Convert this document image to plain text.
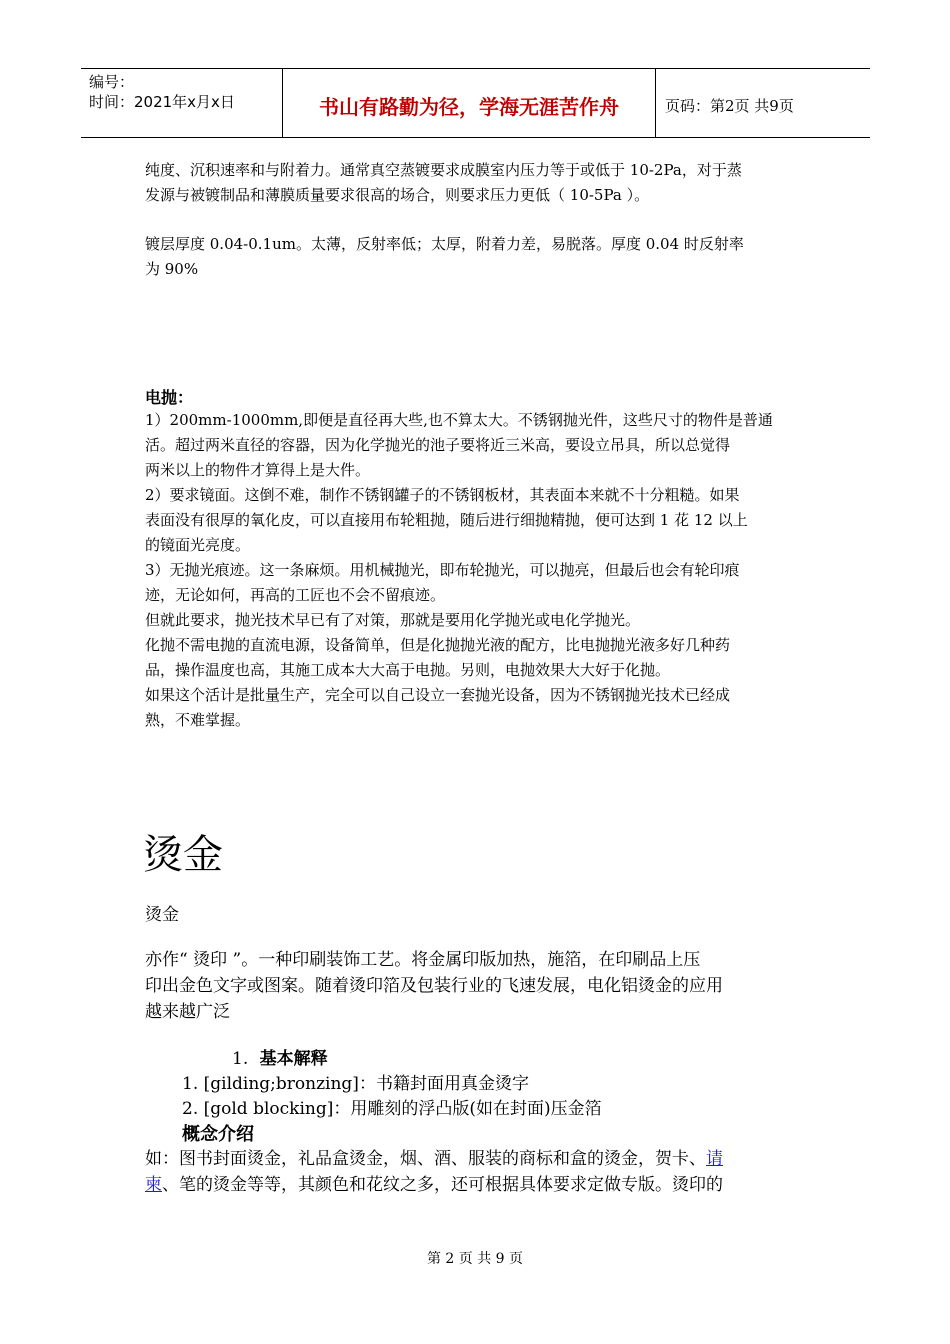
编号：
时间：2021年x月x日	书山有路勤为径，学海无涯苦作舟	页码：第2页 共9页
纯度、沉积速率和与附着力。通常真空蒸镀要求成膜室内压力等于或低于 10-2Pa，对于蒸
发源与被镀制品和薄膜质量要求很高的场合，则要求压力更低（ 10-5Pa ）。
镀层厚度 0.04-0.1um。太薄，反射率低；太厚，附着力差，易脱落。厚度 0.04 时反射率
为 90%
电抛：
1）200mm-1000mm,即便是直径再大些,也不算太大。不锈钢抛光件，这些尺寸的物件是普通
活。超过两米直径的容器，因为化学抛光的池子要将近三米高，要设立吊具，所以总觉得
两米以上的物件才算得上是大件。
2）要求镜面。这倒不难，制作不锈钢罐子的不锈钢板材，其表面本来就不十分粗糙。如果
表面没有很厚的氧化皮，可以直接用布轮粗抛，随后进行细抛精抛，便可达到 1 花 12 以上
的镜面光亮度。
3）无抛光痕迹。这一条麻烦。用机械抛光，即布轮抛光，可以抛亮，但最后也会有轮印痕
迹，无论如何，再高的工匠也不会不留痕迹。
但就此要求，抛光技术早已有了对策，那就是要用化学抛光或电化学抛光。
化抛不需电抛的直流电源，设备简单，但是化抛抛光液的配方，比电抛抛光液多好几种药
品，操作温度也高，其施工成本大大高于电抛。另则，电抛效果大大好于化抛。
如果这个活计是批量生产，完全可以自己设立一套抛光设备，因为不锈钢抛光技术已经成
熟，不难掌握。
烫金
烫金
亦作“ 烫印 ”。一种印刷装饰工艺。将金属印版加热，施箔，在印刷品上压
印出金色文字或图案。随着烫印箔及包装行业的飞速发展，电化铝烫金的应用
越来越广泛
1. 基本解释
1. [gilding;bronzing]：书籍封面用真金烫字
2. [gold blocking]：用雕刻的浮凸版(如在封面)压金箔
概念介绍
如：图书封面烫金，礼品盒烫金，烟、酒、服装的商标和盒的烫金，贺卡、请
柬、笔的烫金等等，其颜色和花纹之多，还可根据具体要求定做专版。烫印的
第 2 页 共 9 页
